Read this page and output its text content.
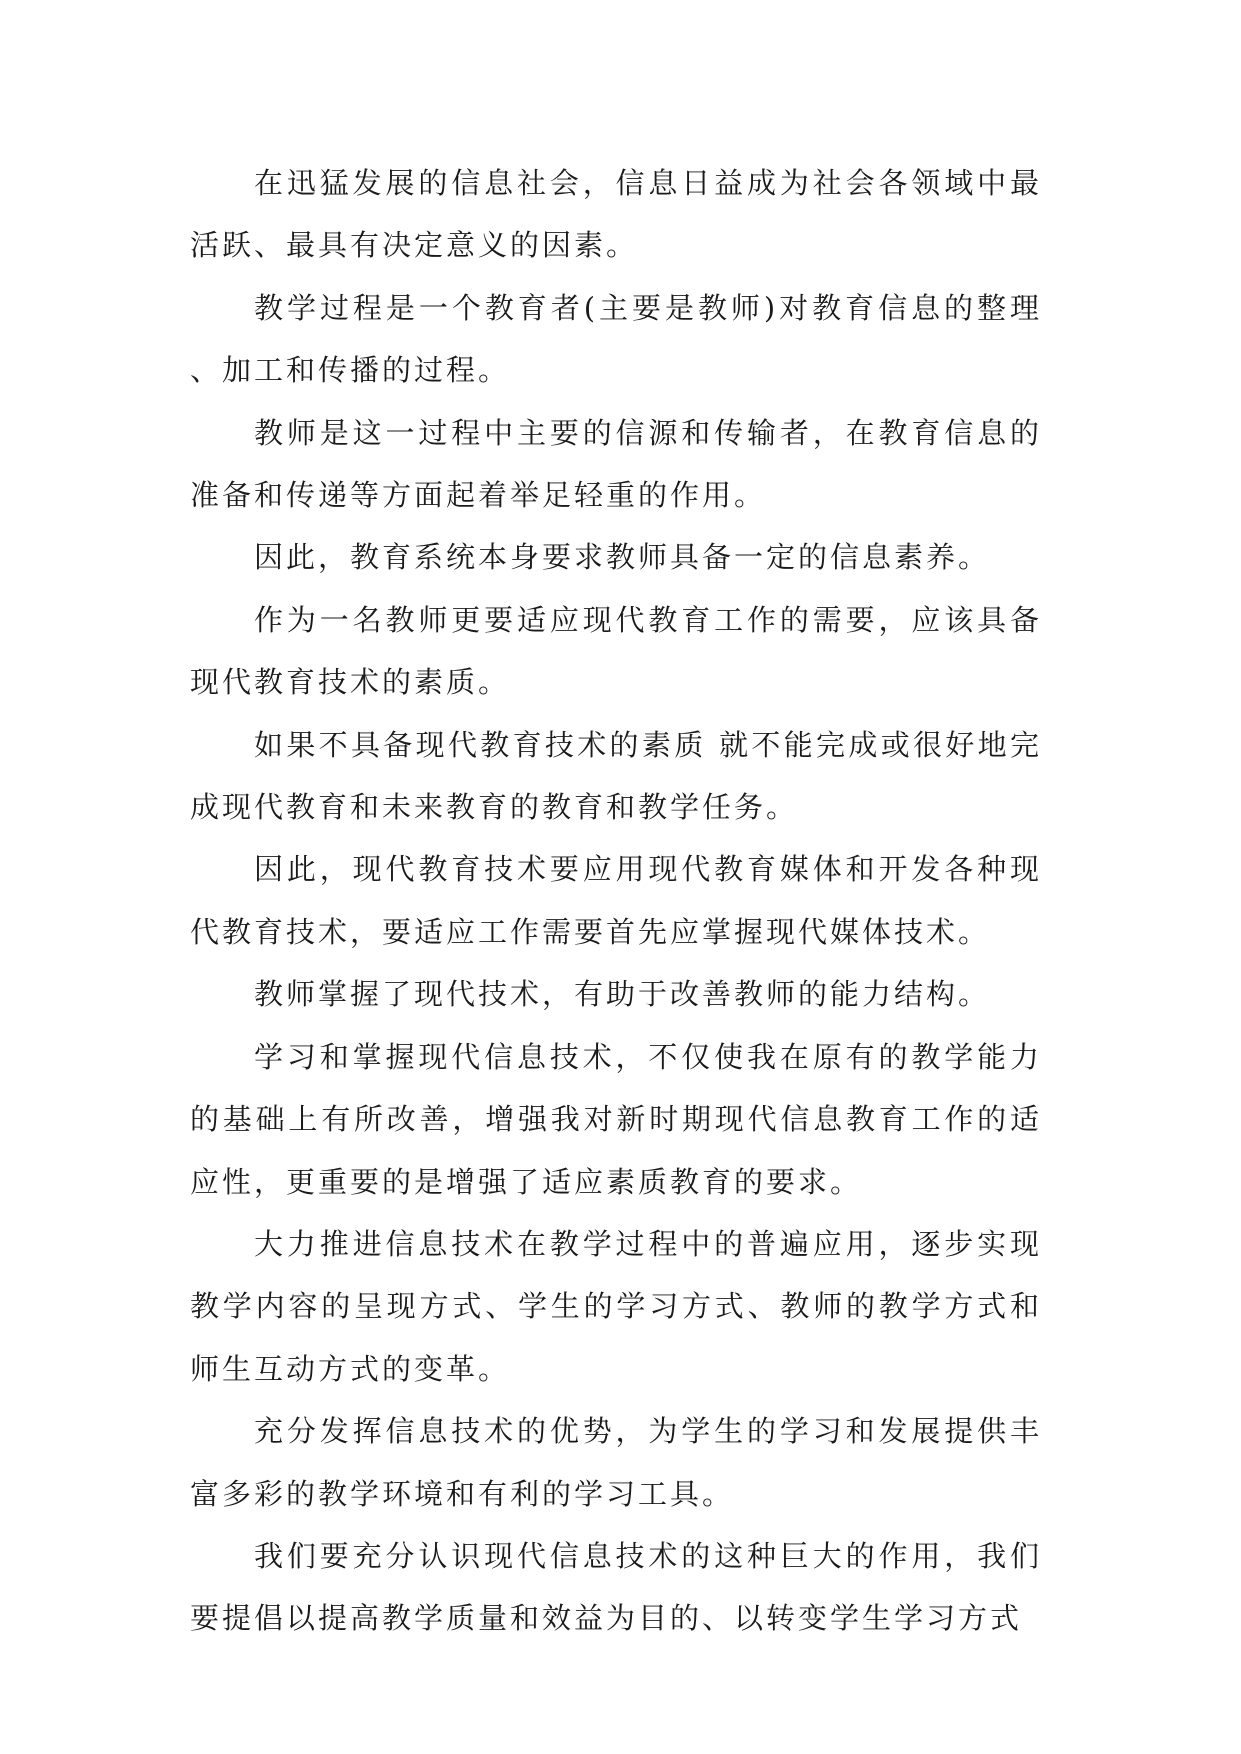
在迅猛发展的信息社会，信息日益成为社会各领域中最活跃、最具有决定意义的因素。

教学过程是一个教育者(主要是教师)对教育信息的整理、加工和传播的过程。

教师是这一过程中主要的信源和传输者，在教育信息的准备和传递等方面起着举足轻重的作用。

因此，教育系统本身要求教师具备一定的信息素养。

作为一名教师更要适应现代教育工作的需要，应该具备现代教育技术的素质。

如果不具备现代教育技术的素质 就不能完成或很好地完成现代教育和未来教育的教育和教学任务。

因此，现代教育技术要应用现代教育媒体和开发各种现代教育技术，要适应工作需要首先应掌握现代媒体技术。

教师掌握了现代技术，有助于改善教师的能力结构。

学习和掌握现代信息技术，不仅使我在原有的教学能力的基础上有所改善，增强我对新时期现代信息教育工作的适应性，更重要的是增强了适应素质教育的要求。

大力推进信息技术在教学过程中的普遍应用，逐步实现教学内容的呈现方式、学生的学习方式、教师的教学方式和师生互动方式的变革。

充分发挥信息技术的优势，为学生的学习和发展提供丰富多彩的教学环境和有利的学习工具。

我们要充分认识现代信息技术的这种巨大的作用，我们要提倡以提高教学质量和效益为目的、以转变学生学习方式
